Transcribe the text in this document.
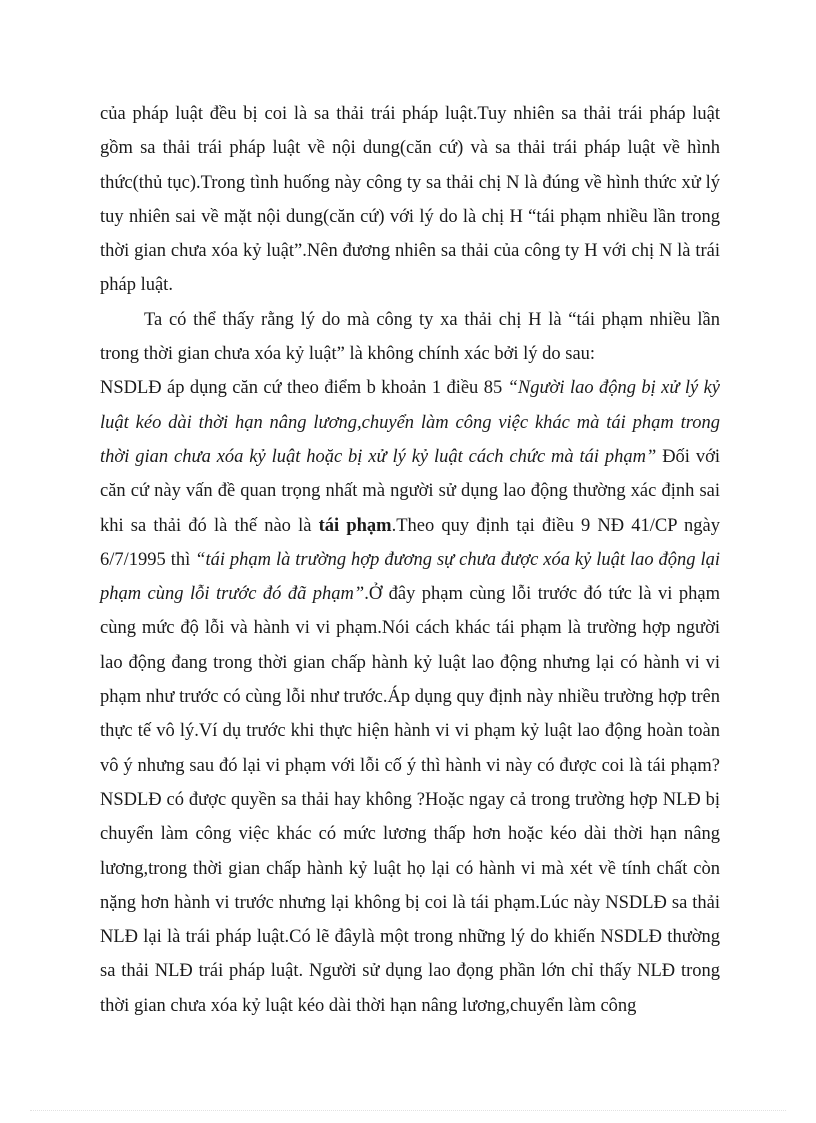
của pháp luật đều bị coi là sa thải trái pháp luật.Tuy nhiên sa thải trái pháp luật gồm sa thải trái pháp luật về nội dung(căn cứ) và sa thải trái pháp luật về hình thức(thủ tục).Trong tình huống này công ty sa thải chị N là đúng về hình thức xử lý tuy nhiên sai về mặt nội dung(căn cứ) với lý do là chị H “tái phạm nhiều lần trong thời gian chưa xóa kỷ luật”.Nên đương nhiên sa thải của công ty H với chị N là trái pháp luật.

Ta có thể thấy rằng lý do mà công ty xa thải chị H là “tái phạm nhiều lần trong thời gian chưa xóa kỷ luật” là không chính xác bởi lý do sau:

NSDLĐ áp dụng căn cứ theo điểm b khoản 1 điều 85 “Người lao động bị xử lý kỷ luật kéo dài thời hạn nâng lương,chuyển làm công việc khác mà tái phạm trong thời gian chưa xóa kỷ luật hoặc bị xử lý kỷ luật cách chức mà tái phạm” Đối với căn cứ này vấn đề quan trọng nhất mà người sử dụng lao động thường xác định sai khi sa thải đó là thế nào là tái phạm.Theo quy định tại điều 9 NĐ 41/CP ngày 6/7/1995 thì “tái phạm là trường hợp đương sự chưa được xóa kỷ luật lao động lại phạm cùng lỗi trước đó đã phạm”.Ở đây phạm cùng lỗi trước đó tức là vi phạm cùng mức độ lỗi và hành vi vi phạm.Nói cách khác tái phạm là trường hợp người lao động đang trong thời gian chấp hành kỷ luật lao động nhưng lại có hành vi vi phạm như trước có cùng lỗi như trước.Áp dụng quy định này nhiều trường hợp trên thực tế vô lý.Ví dụ trước khi thực hiện hành vi vi phạm kỷ luật lao động hoàn toàn vô ý nhưng sau đó lại vi phạm với lỗi cố ý thì hành vi này có được coi là tái phạm? NSDLĐ có được quyền sa thải hay không ?Hoặc ngay cả trong trường hợp NLĐ bị chuyển làm công việc khác có mức lương thấp hơn hoặc kéo dài thời hạn nâng lương,trong thời gian chấp hành kỷ luật họ lại có hành vi mà xét về tính chất còn nặng hơn hành vi trước nhưng lại không bị coi là tái phạm.Lúc này NSDLĐ sa thải NLĐ lại là trái pháp luật.Có lẽ đâylà một trong những lý do khiến NSDLĐ thường sa thải NLĐ trái pháp luật. Người sử dụng lao đọng phần lớn chỉ thấy NLĐ trong thời gian chưa xóa kỷ luật kéo dài thời hạn nâng lương,chuyển làm công
